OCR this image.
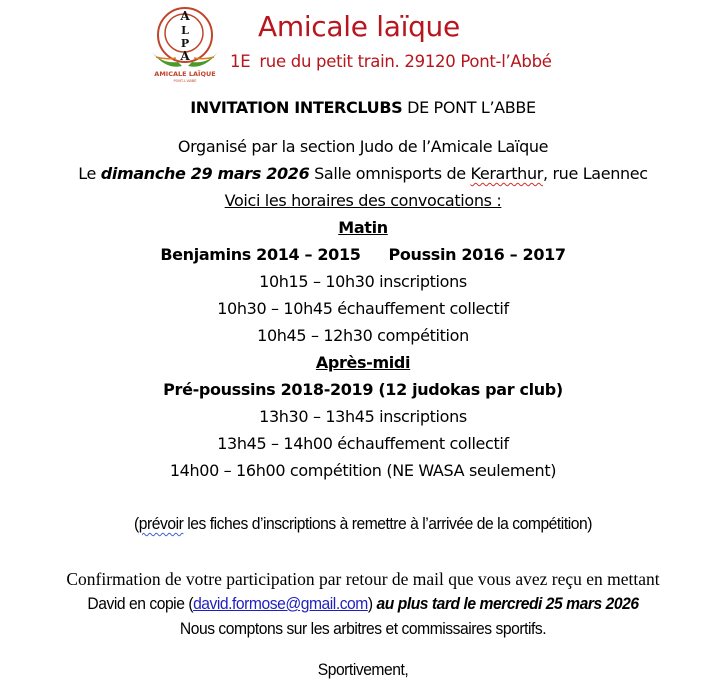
A
L
P
A
AMICALE LAÏQUE
PONT-L'ABBÉ
Amicale laïque
1E rue du petit train. 29120 Pont-l’Abbé
INVITATION INTERCLUBS DE PONT L’ABBE
Organisé par la section Judo de l’Amicale Laïque
Le dimanche 29 mars 2026 Salle omnisports de Kerarthur, rue Laennec
Voici les horaires des convocations :
Matin
Benjamins 2014 – 2015 Poussin 2016 – 2017
10h15 – 10h30 inscriptions
10h30 – 10h45 échauffement collectif
10h45 – 12h30 compétition
Après-midi
Pré-poussins 2018-2019 (12 judokas par club)
13h30 – 13h45 inscriptions
13h45 – 14h00 échauffement collectif
14h00 – 16h00 compétition (NE WASA seulement)
(prévoir les fiches d’inscriptions à remettre à l’arrivée de la compétition)
Confirmation de votre participation par retour de mail que vous avez reçu en mettant
David en copie (david.formose@gmail.com) au plus tard le mercredi 25 mars 2026
Nous comptons sur les arbitres et commissaires sportifs.
Sportivement,
